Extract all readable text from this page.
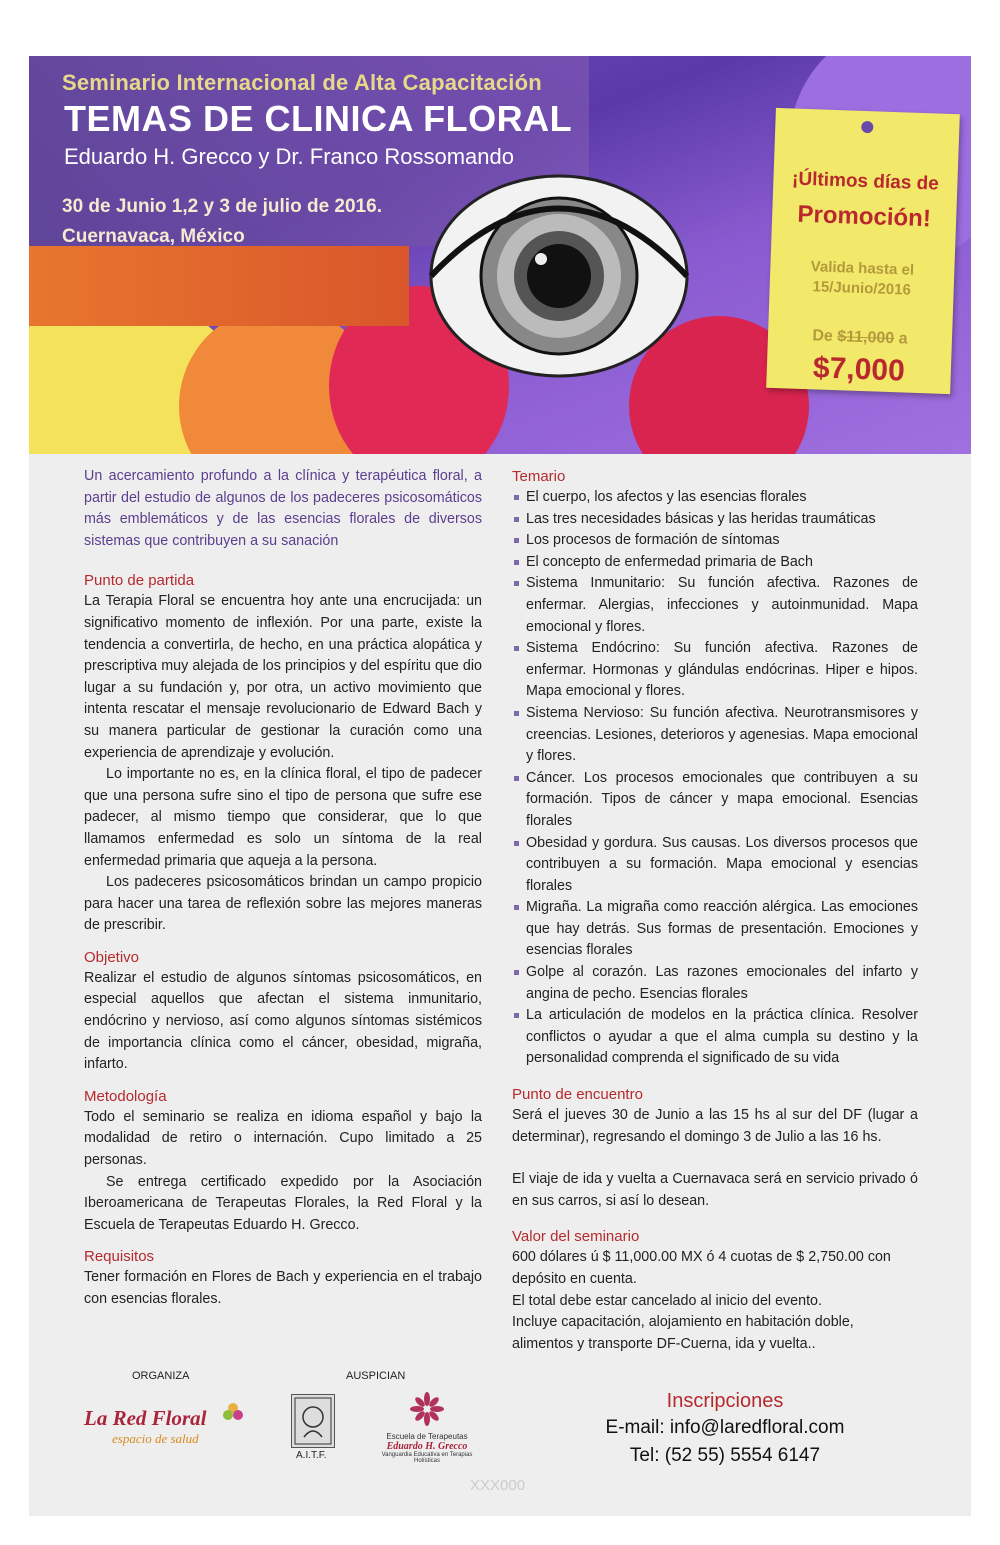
Seminario Internacional de Alta Capacitación
TEMAS DE CLINICA FLORAL
Eduardo H. Grecco y Dr. Franco Rossomando
30 de Junio 1,2 y 3 de julio de 2016.
Cuernavaca, México
¡Últimos días de
Promoción!
Valida hasta el
15/Junio/2016
De $11,000 a
$7,000

Un acercamiento profundo a la clínica y terapéutica floral, a partir del estudio de algunos de los padeceres psicosomáticos más emblemáticos y de las esencias florales de diversos sistemas que contribuyen a su sanación

Punto de partida

La Terapia Floral se encuentra hoy ante una encrucijada: un significativo momento de inflexión. Por una parte, existe la tendencia a convertirla, de hecho, en una práctica alopática y prescriptiva muy alejada de los principios y del espíritu que dio lugar a su fundación y, por otra, un activo movimiento que intenta rescatar el mensaje revolucionario de Edward Bach y su manera particular de gestionar la curación como una experiencia de aprendizaje y evolución.

Lo importante no es, en la clínica floral, el tipo de padecer que una persona sufre sino el tipo de persona que sufre ese padecer, al mismo tiempo que considerar, que lo que llamamos enfermedad es solo un síntoma de la real enfermedad primaria que aqueja a la persona.

Los padeceres psicosomáticos brindan un campo propicio para hacer una tarea de reflexión sobre las mejores maneras de prescribir.

Objetivo

Realizar el estudio de algunos síntomas psicosomáticos, en especial aquellos que afectan el sistema inmunitario, endócrino y nervioso, así como algunos síntomas sistémicos de importancia clínica como el cáncer, obesidad, migraña, infarto.

Metodología

Todo el seminario se realiza en idioma español y bajo la modalidad de retiro o internación. Cupo limitado a 25 personas.

Se entrega certificado expedido por la Asociación Iberoamericana de Terapeutas Florales, la Red Floral y la Escuela de Terapeutas Eduardo H. Grecco.

Requisitos

Tener formación en Flores de Bach y experiencia en el trabajo con esencias florales.

ORGANIZA	AUSPICIAN
La Red Floral
espacio de salud
A.I.T.F.
Escuela de Terapeutas
Eduardo H. Grecco
Vanguardia Educativa en Terapias Holísticas
Temario
El cuerpo, los afectos y las esencias florales
Las tres necesidades básicas y las heridas traumáticas
Los procesos de formación de síntomas
El concepto de enfermedad primaria de Bach
Sistema Inmunitario: Su función afectiva. Razones de enfermar. Alergias, infecciones y autoinmunidad. Mapa emocional y flores.
Sistema Endócrino: Su función afectiva. Razones de enfermar. Hormonas y glándulas endócrinas. Hiper e hipos. Mapa emocional y flores.
Sistema Nervioso: Su función afectiva. Neurotransmisores y creencias. Lesiones, deterioros y agenesias. Mapa emocional y flores.
Cáncer. Los procesos emocionales que contribuyen a su formación. Tipos de cáncer y mapa emocional. Esencias florales
Obesidad y gordura. Sus causas. Los diversos procesos que contribuyen a su formación. Mapa emocional y esencias florales
Migraña. La migraña como reacción alérgica. Las emociones que hay detrás. Sus formas de presentación. Emociones y esencias florales
Golpe al corazón. Las razones emocionales del infarto y angina de pecho. Esencias florales
La articulación de modelos en la práctica clínica. Resolver conflictos o ayudar a que el alma cumpla su destino y la personalidad comprenda el significado de su vida
Punto de encuentro

Será el jueves 30 de Junio a las 15 hs al sur del DF (lugar a determinar), regresando el domingo 3 de Julio a las 16 hs.

El viaje de ida y vuelta a Cuernavaca será en servicio privado ó en sus carros, si así lo desean.

Valor del seminario

600 dólares ú $ 11,000.00 MX ó 4 cuotas de $ 2,750.00 con depósito en cuenta.

El total debe estar cancelado al inicio del evento.

Incluye capacitación, alojamiento en habitación doble, alimentos y transporte DF-Cuerna, ida y vuelta..

Inscripciones
E-mail: info@laredfloral.com
Tel: (52 55) 5554 6147
XXX000
